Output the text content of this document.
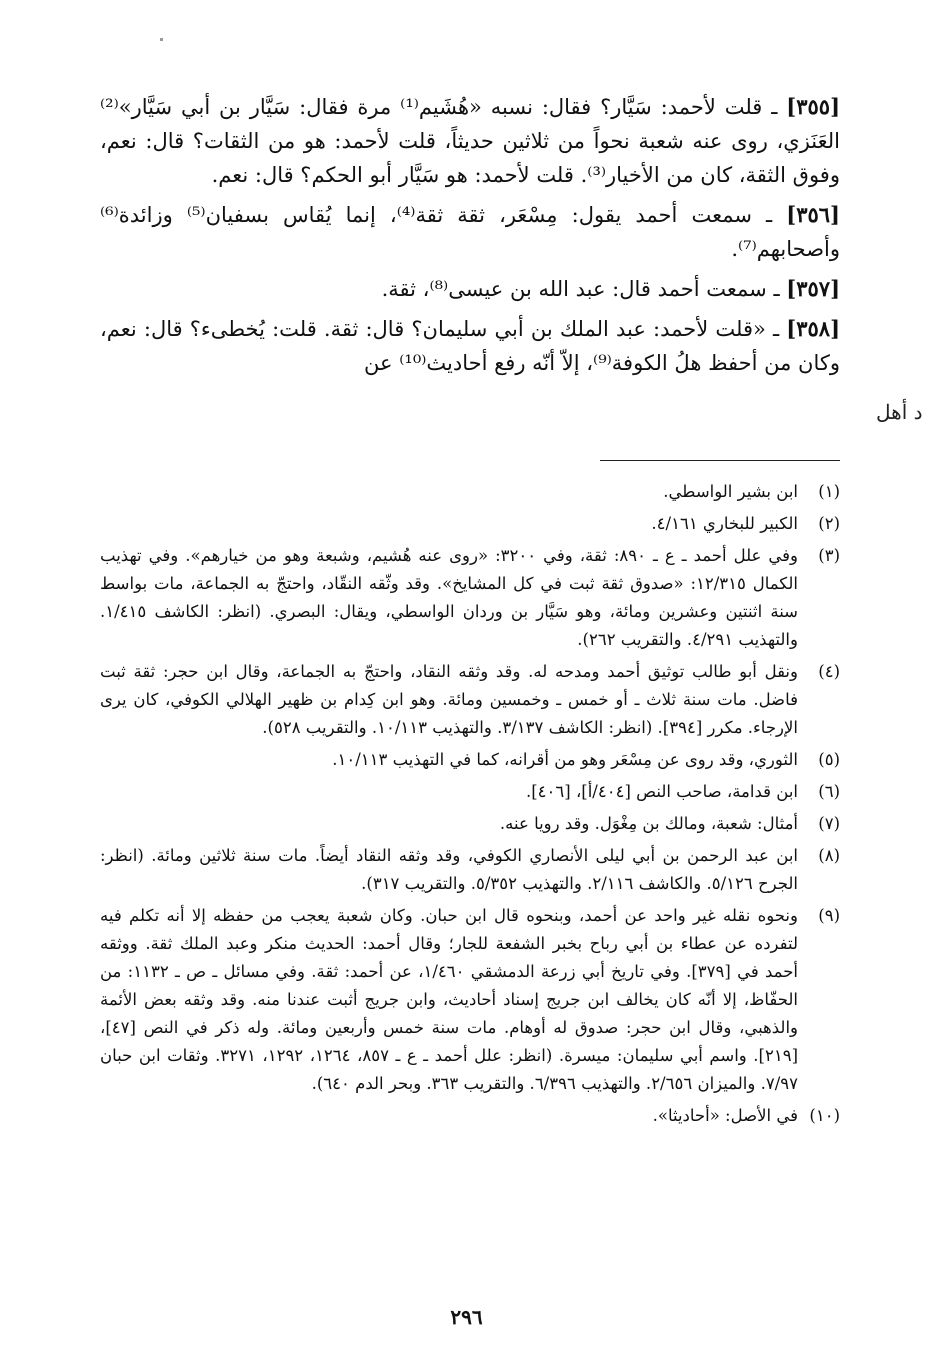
[٣٥٥] ـ قلت لأحمد: سَيَّار؟ فقال: نسبه «هُشَيم⁽¹⁾ مرة فقال: سَيَّار بن أبي سَيَّار»⁽²⁾ العَنَزي، روى عنه شعبة نحواً من ثلاثين حديثاً، قلت لأحمد: هو من الثقات؟ قال: نعم، وفوق الثقة، كان من الأخيار⁽³⁾. قلت لأحمد: هو سَيَّار أبو الحكم؟ قال: نعم.

[٣٥٦] ـ سمعت أحمد يقول: مِسْعَر، ثقة ثقة⁽⁴⁾، إنما يُقاس بسفيان⁽⁵⁾ وزائدة⁽⁶⁾ وأصحابهم⁽⁷⁾.

[٣٥٧] ـ سمعت أحمد قال: عبد الله بن عيسى⁽⁸⁾، ثقة.

[٣٥٨] ـ «قلت لأحمد: عبد الملك بن أبي سليمان؟ قال: ثقة. قلت: يُخطىء؟ قال: نعم، وكان من أحفظ هلُ الكوفة⁽⁹⁾، إلاّ أنّه رفع أحاديث⁽¹⁰⁾ عن

د أهل
(١)
ابن بشير الواسطي.
(٢)
الكبير للبخاري ٤/١٦١.
(٣)
وفي علل أحمد ـ ع ـ ٨٩٠: ثقة، وفي ٣٢٠٠: «روى عنه هُشيم، وشبعة وهو من خيارهم». وفي تهذيب الكمال ١٢/٣١٥: «صدوق ثقة ثبت في كل المشايخ». وقد وثّقه النقّاد، واحتجّ به الجماعة، مات بواسط سنة اثنتين وعشرين ومائة، وهو سَيَّار بن وردان الواسطي، ويقال: البصري. (انظر: الكاشف ١/٤١٥. والتهذيب ٤/٢٩١. والتقريب ٢٦٢).
(٤)
ونقل أبو طالب توثيق أحمد ومدحه له. وقد وثقه النقاد، واحتجّ به الجماعة، وقال ابن حجر: ثقة ثبت فاضل. مات سنة ثلاث ـ أو خمس ـ وخمسين ومائة. وهو ابن كِدام بن ظهير الهلالي الكوفي، كان يرى الإرجاء. مكرر [٣٩٤]. (انظر: الكاشف ٣/١٣٧. والتهذيب ١٠/١١٣. والتقريب ٥٢٨).
(٥)
الثوري، وقد روى عن مِسْعَر وهو من أقرانه، كما في التهذيب ١٠/١١٣.
(٦)
ابن قدامة، صاحب النص [٤٠٤/أ]، [٤٠٦].
(٧)
أمثال: شعبة، ومالك بن مِغْوَل. وقد رويا عنه.
(٨)
ابن عبد الرحمن بن أبي ليلى الأنصاري الكوفي، وقد وثقه النقاد أيضاً. مات سنة ثلاثين ومائة. (انظر: الجرح ٥/١٢٦. والكاشف ٢/١١٦. والتهذيب ٥/٣٥٢. والتقريب ٣١٧).
(٩)
ونحوه نقله غير واحد عن أحمد، وبنحوه قال ابن حبان. وكان شعبة يعجب من حفظه إلا أنه تكلم فيه لتفرده عن عطاء بن أبي رباح بخبر الشفعة للجار؛ وقال أحمد: الحديث منكر وعبد الملك ثقة. ووثقه أحمد في [٣٧٩]. وفي تاريخ أبي زرعة الدمشقي ١/٤٦٠، عن أحمد: ثقة. وفي مسائل ـ ص ـ ١١٣٢: من الحفّاظ، إلا أنّه كان يخالف ابن جريج إسناد أحاديث، وابن جريج أثبت عندنا منه. وقد وثقه بعض الأئمة والذهبي، وقال ابن حجر: صدوق له أوهام. مات سنة خمس وأربعين ومائة. وله ذكر في النص [٤٧]، [٢١٩]. واسم أبي سليمان: ميسرة. (انظر: علل أحمد ـ ع ـ ٨٥٧، ١٢٦٤، ١٢٩٢، ٣٢٧١. وثقات ابن حبان ٧/٩٧. والميزان ٢/٦٥٦. والتهذيب ٦/٣٩٦. والتقريب ٣٦٣. وبحر الدم ٦٤٠).
(١٠)
في الأصل: «أحاديثا».
٢٩٦
